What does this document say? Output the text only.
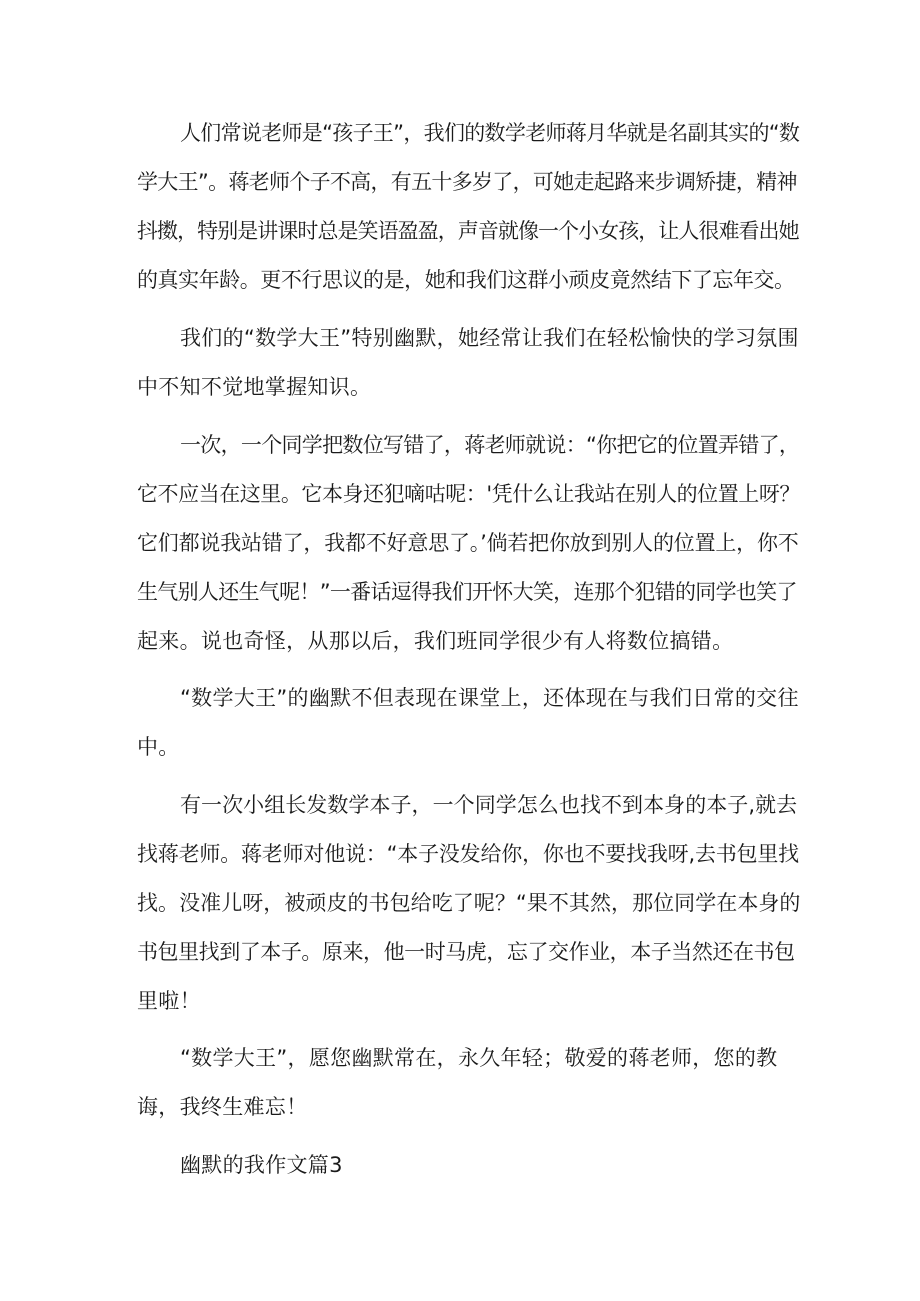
人们常说老师是“孩子王”，我们的数学老师蒋月华就是名副其实的“数
学大王”。蒋老师个子不高，有五十多岁了，可她走起路来步调矫捷，精神
抖擞，特别是讲课时总是笑语盈盈，声音就像一个小女孩，让人很难看出她
的真实年龄。更不行思议的是，她和我们这群小顽皮竟然结下了忘年交。
我们的“数学大王”特别幽默，她经常让我们在轻松愉快的学习氛围
中不知不觉地掌握知识。
一次，一个同学把数位写错了，蒋老师就说：“你把它的位置弄错了，
它不应当在这里。它本身还犯嘀咕呢：'凭什么让我站在别人的位置上呀？
它们都说我站错了，我都不好意思了。’倘若把你放到别人的位置上，你不
生气别人还生气呢！”一番话逗得我们开怀大笑，连那个犯错的同学也笑了
起来。说也奇怪，从那以后，我们班同学很少有人将数位搞错。
“数学大王”的幽默不但表现在课堂上，还体现在与我们日常的交往
中。
有一次小组长发数学本子，一个同学怎么也找不到本身的本子,就去
找蒋老师。蒋老师对他说：“本子没发给你，你也不要找我呀,去书包里找
找。没准儿呀，被顽皮的书包给吃了呢？“果不其然，那位同学在本身的
书包里找到了本子。原来，他一时马虎，忘了交作业，本子当然还在书包
里啦！
“数学大王”，愿您幽默常在，永久年轻；敬爱的蒋老师，您的教
诲，我终生难忘！
幽默的我作文篇3
